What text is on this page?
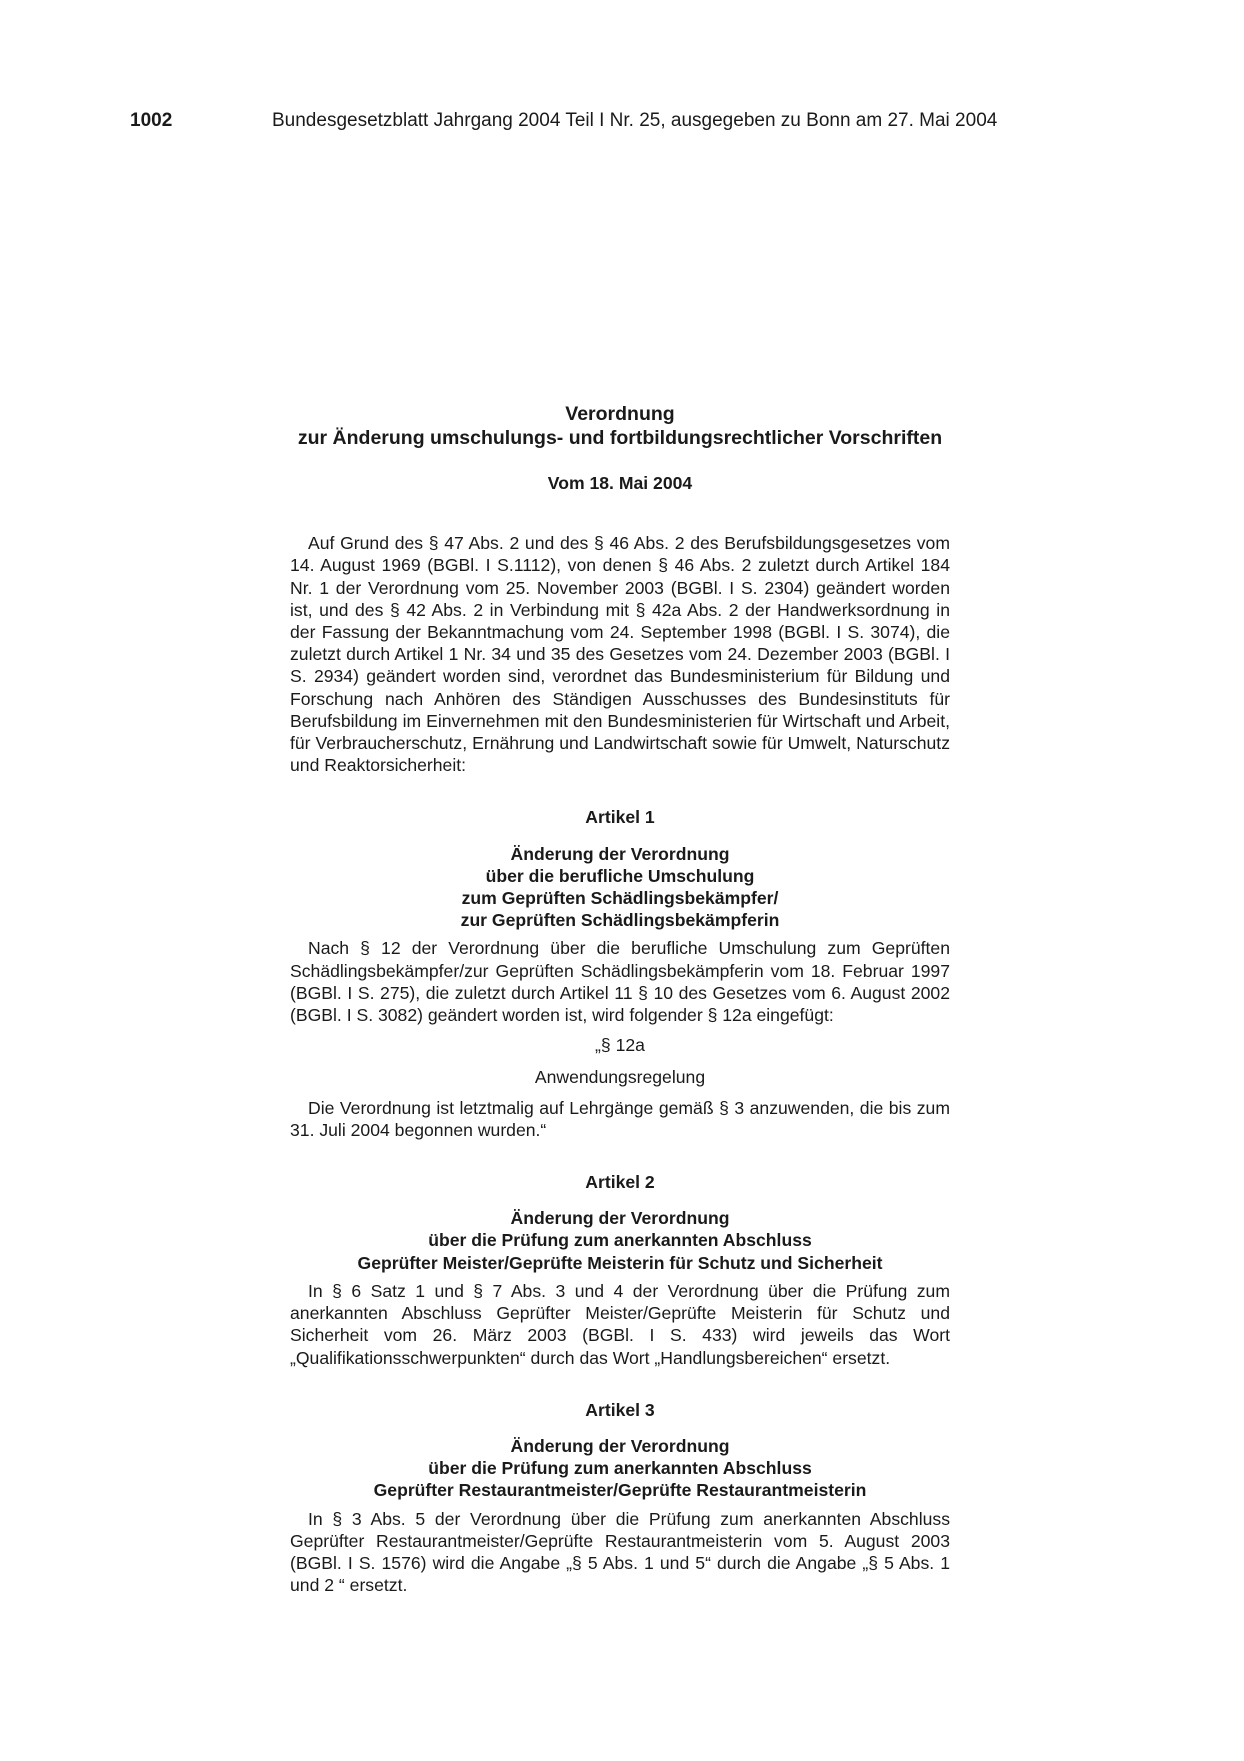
1002	Bundesgesetzblatt Jahrgang 2004 Teil I Nr. 25, ausgegeben zu Bonn am 27. Mai 2004
Verordnung
zur Änderung umschulungs- und fortbildungsrechtlicher Vorschriften
Vom 18. Mai 2004

Auf Grund des § 47 Abs. 2 und des § 46 Abs. 2 des Berufsbildungsgesetzes vom 14. August 1969 (BGBl. I S.1112), von denen § 46 Abs. 2 zuletzt durch Artikel 184 Nr. 1 der Verordnung vom 25. November 2003 (BGBl. I S. 2304) geändert worden ist, und des § 42 Abs. 2 in Verbindung mit § 42a Abs. 2 der Handwerksordnung in der Fassung der Bekanntmachung vom 24. September 1998 (BGBl. I S. 3074), die zuletzt durch Artikel 1 Nr. 34 und 35 des Gesetzes vom 24. Dezember 2003 (BGBl. I S. 2934) geändert worden sind, verordnet das Bundesministerium für Bildung und Forschung nach Anhören des Ständigen Ausschusses des Bundesinstituts für Berufsbildung im Einvernehmen mit den Bundesministerien für Wirtschaft und Arbeit, für Verbraucherschutz, Ernährung und Landwirtschaft sowie für Umwelt, Naturschutz und Reaktorsicherheit:

Artikel 1
Änderung der Verordnung
über die berufliche Umschulung
zum Geprüften Schädlingsbekämpfer/
zur Geprüften Schädlingsbekämpferin

Nach § 12 der Verordnung über die berufliche Umschulung zum Geprüften Schädlingsbekämpfer/zur Geprüften Schädlingsbekämpferin vom 18. Februar 1997 (BGBl. I S. 275), die zuletzt durch Artikel 11 § 10 des Gesetzes vom 6. August 2002 (BGBl. I S. 3082) geändert worden ist, wird folgender § 12a eingefügt:

„§ 12a
Anwendungsregelung

Die Verordnung ist letztmalig auf Lehrgänge gemäß § 3 anzuwenden, die bis zum 31. Juli 2004 begonnen wurden.“

Artikel 2
Änderung der Verordnung
über die Prüfung zum anerkannten Abschluss
Geprüfter Meister/Geprüfte Meisterin für Schutz und Sicherheit

In § 6 Satz 1 und § 7 Abs. 3 und 4 der Verordnung über die Prüfung zum anerkannten Abschluss Geprüfter Meister/Geprüfte Meisterin für Schutz und Sicherheit vom 26. März 2003 (BGBl. I S. 433) wird jeweils das Wort „Qualifikationsschwerpunkten“ durch das Wort „Handlungsbereichen“ ersetzt.

Artikel 3
Änderung der Verordnung
über die Prüfung zum anerkannten Abschluss
Geprüfter Restaurantmeister/Geprüfte Restaurantmeisterin

In § 3 Abs. 5 der Verordnung über die Prüfung zum anerkannten Abschluss Geprüfter Restaurantmeister/Geprüfte Restaurantmeisterin vom 5. August 2003 (BGBl. I S. 1576) wird die Angabe „§ 5 Abs. 1 und 5“ durch die Angabe „§ 5 Abs. 1 und 2 “ ersetzt.
